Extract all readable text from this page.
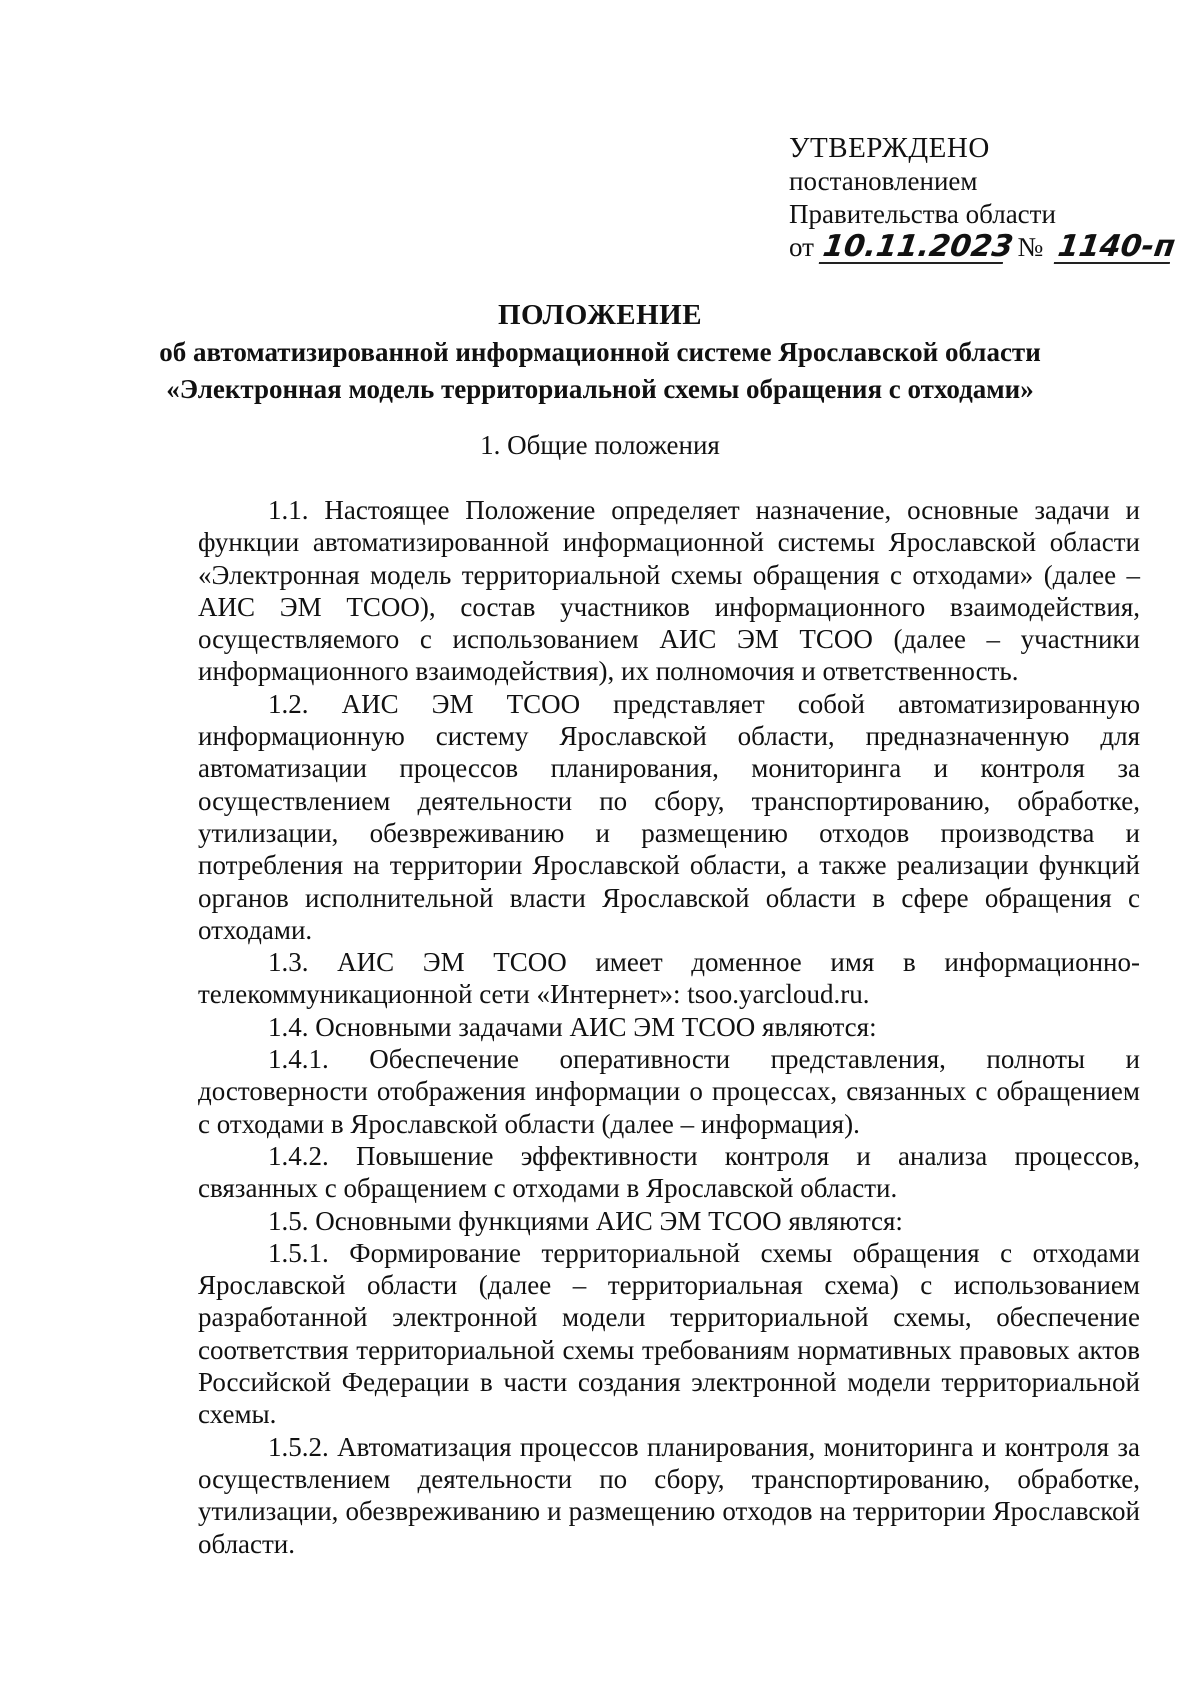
УТВЕРЖДЕНО
постановлением
Правительства области
от 10.11.2023 № 1140-п
ПОЛОЖЕНИЕ
об автоматизированной информационной системе Ярославской области
«Электронная модель территориальной схемы обращения с отходами»
1. Общие положения

1.1. Настоящее Положение определяет назначение, основные задачи и функции автоматизированной информационной системы Ярославской области «Электронная модель территориальной схемы обращения с отходами» (далее – АИС ЭМ ТСОО), состав участников информационного взаимодействия, осуществляемого с использованием АИС ЭМ ТСОО (далее – участники информационного взаимодействия), их полномочия и ответственность.

1.2. АИС ЭМ ТСОО представляет собой автоматизированную информационную систему Ярославской области, предназначенную для автоматизации процессов планирования, мониторинга и контроля за осуществлением деятельности по сбору, транспортированию, обработке, утилизации, обезвреживанию и размещению отходов производства и потребления на территории Ярославской области, а также реализации функций органов исполнительной власти Ярославской области в сфере обращения с отходами.

1.3. АИС ЭМ ТСОО имеет доменное имя в информационно-телекоммуникационной сети «Интернет»: tsoo.yarcloud.ru.

1.4. Основными задачами АИС ЭМ ТСОО являются:

1.4.1. Обеспечение оперативности представления, полноты и достоверности отображения информации о процессах, связанных с обращением с отходами в Ярославской области (далее – информация).

1.4.2. Повышение эффективности контроля и анализа процессов, связанных с обращением с отходами в Ярославской области.

1.5. Основными функциями АИС ЭМ ТСОО являются:

1.5.1. Формирование территориальной схемы обращения с отходами Ярославской области (далее – территориальная схема) с использованием разработанной электронной модели территориальной схемы, обеспечение соответствия территориальной схемы требованиям нормативных правовых актов Российской Федерации в части создания электронной модели территориальной схемы.

1.5.2. Автоматизация процессов планирования, мониторинга и контроля за осуществлением деятельности по сбору, транспортированию, обработке, утилизации, обезвреживанию и размещению отходов на территории Ярославской области.
